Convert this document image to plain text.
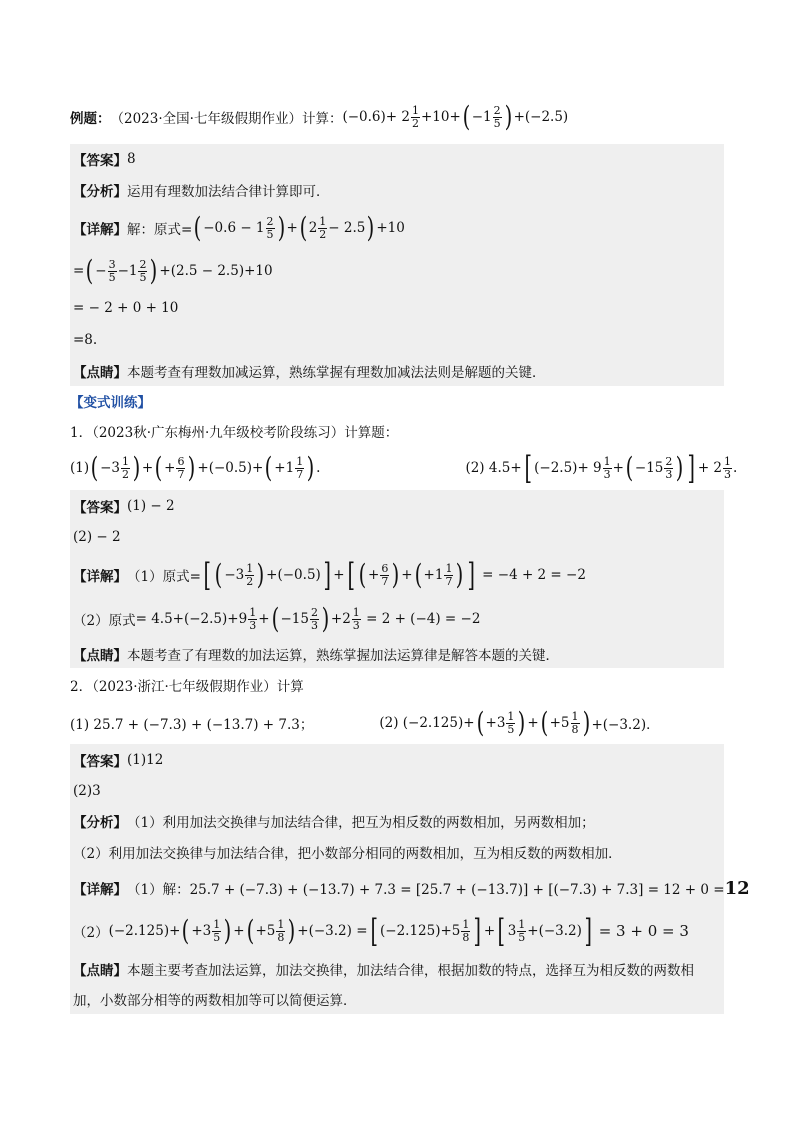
例题： （2023·全国·七年级假期作业）计算： $(-0.6)+ 2 \frac{1}{2} +10+$ ( $-1 \frac{2}{5}$ ) +(−2.5)
【答案】 8
【分析】 运用有理数加法结合律计算即可．
【详解】 解：原式= ( $-0.6 - 1 \frac{2}{5}$ ) + ( $2 \frac{1}{2} - 2.5$ ) +10
= ( − $\frac{3}{5} -1 \frac{2}{5}$ ) +(2.5 − 2.5)+10
= − 2 + 0 + 10
=8.
【点睛】 本题考查有理数加减运算，熟练掌握有理数加减法法则是解题的关键．
【变式训练】
1．（2023秋·广东梅州·九年级校考阶段练习）计算题：
(1) ( $-3 \frac{1}{2}$ ) + ( + $\frac{6}{7}$ ) +(−0.5)+ ( $+1 \frac{1}{7}$ ) .	(2) 4.5+ [ $(-2.5)+ 9 \frac{1}{3}$ + ( $-15 \frac{2}{3}$ ) ] + $2 \frac{1}{3}$ .
【答案】 (1) − 2
(2) − 2
【详解】 （1）原式= [ ( $-3 \frac{1}{2}$ ) +(−0.5) ] + [ ( + $\frac{6}{7}$ ) + ( $+1 \frac{1}{7}$ ) ]
= −4 + 2 = −2
（2）原式 = $4.5+(-2.5)+9 \frac{1}{3}$ + ( $-15 \frac{2}{3}$ ) $+2 \frac{1}{3}$
= 2 + (−4) = −2
【点睛】 本题考查了有理数的加法运算，熟练掌握加法运算律是解答本题的关键．
2．（2023·浙江·七年级假期作业）计算
(1) 25.7 + (−7.3) + (−13.7) + 7.3；	(2) (−2.125)+ ( $+3 \frac{1}{5}$ ) + ( $+5 \frac{1}{8}$ ) +(−3.2)．
【答案】 (1)12
(2)3
【分析】 （1）利用加法交换律与加法结合律，把互为相反数的两数相加，另两数相加；
（2）利用加法交换律与加法结合律，把小数部分相同的两数相加，互为相反数的两数相加．
【详解】 （1）解：25.7 + (−7.3) + (−13.7) + 7.3 = [25.7 + (−13.7)] + [(−7.3) + 7.3] = 12 + 0 = 12
（2） (−2.125)+ ( $+3 \frac{1}{5}$ ) + ( $+5 \frac{1}{8}$ ) +(−3.2) = [ $(-2.125)+5 \frac{1}{8}$ ] + [ $3 \frac{1}{5} +(-3.2)$ ]
= 3 + 0 = 3
【点睛】 本题主要考查加法运算，加法交换律，加法结合律，根据加数的特点，选择互为相反数的两数相
加，小数部分相等的两数相加等可以简便运算．
